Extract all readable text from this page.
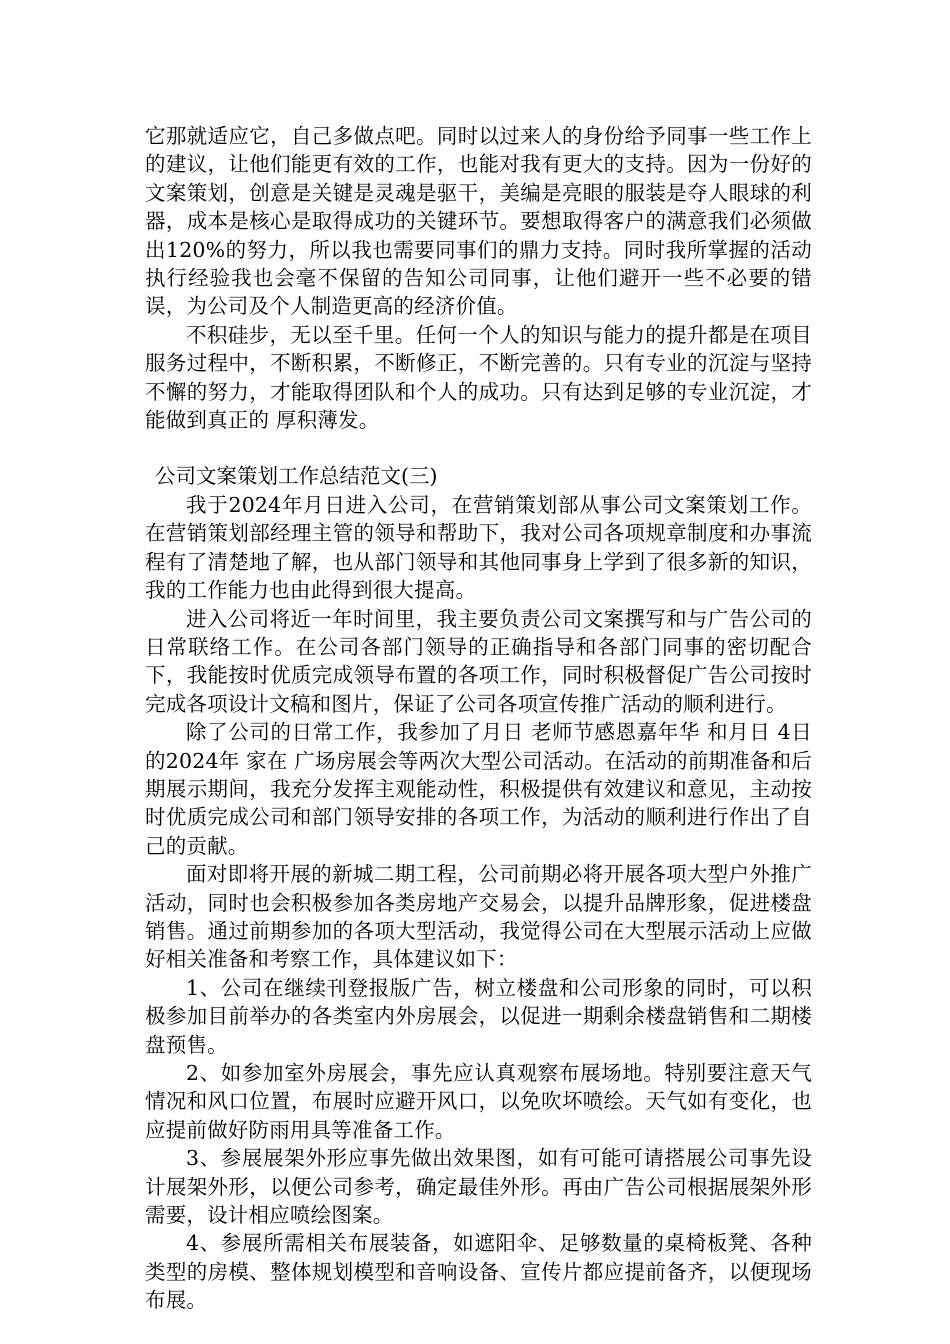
它那就适应它，自己多做点吧。同时以过来人的身份给予同事一些工作上的建议，让他们能更有效的工作，也能对我有更大的支持。因为一份好的文案策划，创意是关键是灵魂是驱干，美编是亮眼的服装是夺人眼球的利器，成本是核心是取得成功的关键环节。要想取得客户的满意我们必须做出120%的努力，所以我也需要同事们的鼎力支持。同时我所掌握的活动执行经验我也会毫不保留的告知公司同事，让他们避开一些不必要的错误，为公司及个人制造更高的经济价值。

不积硅步，无以至千里。任何一个人的知识与能力的提升都是在项目服务过程中，不断积累，不断修正，不断完善的。只有专业的沉淀与坚持不懈的努力，才能取得团队和个人的成功。只有达到足够的专业沉淀，才能做到真正的 厚积薄发。

公司文案策划工作总结范文(三)

我于2024年月日进入公司，在营销策划部从事公司文案策划工作。在营销策划部经理主管的领导和帮助下，我对公司各项规章制度和办事流程有了清楚地了解，也从部门领导和其他同事身上学到了很多新的知识，我的工作能力也由此得到很大提高。

进入公司将近一年时间里，我主要负责公司文案撰写和与广告公司的日常联络工作。在公司各部门领导的正确指导和各部门同事的密切配合下，我能按时优质完成领导布置的各项工作，同时积极督促广告公司按时完成各项设计文稿和图片，保证了公司各项宣传推广活动的顺利进行。

除了公司的日常工作，我参加了月日 老师节感恩嘉年华 和月日 4日的2024年 家在 广场房展会等两次大型公司活动。在活动的前期准备和后期展示期间，我充分发挥主观能动性，积极提供有效建议和意见，主动按时优质完成公司和部门领导安排的各项工作，为活动的顺利进行作出了自己的贡献。

面对即将开展的新城二期工程，公司前期必将开展各项大型户外推广活动，同时也会积极参加各类房地产交易会，以提升品牌形象，促进楼盘销售。通过前期参加的各项大型活动，我觉得公司在大型展示活动上应做好相关准备和考察工作，具体建议如下：

1、公司在继续刊登报版广告，树立楼盘和公司形象的同时，可以积极参加目前举办的各类室内外房展会，以促进一期剩余楼盘销售和二期楼盘预售。

2、如参加室外房展会，事先应认真观察布展场地。特别要注意天气情况和风口位置，布展时应避开风口，以免吹坏喷绘。天气如有变化，也应提前做好防雨用具等准备工作。

3、参展展架外形应事先做出效果图，如有可能可请搭展公司事先设计展架外形，以便公司参考，确定最佳外形。再由广告公司根据展架外形需要，设计相应喷绘图案。

4、参展所需相关布展装备，如遮阳伞、足够数量的桌椅板凳、各种类型的房模、整体规划模型和音响设备、宣传片都应提前备齐，以便现场布展。
